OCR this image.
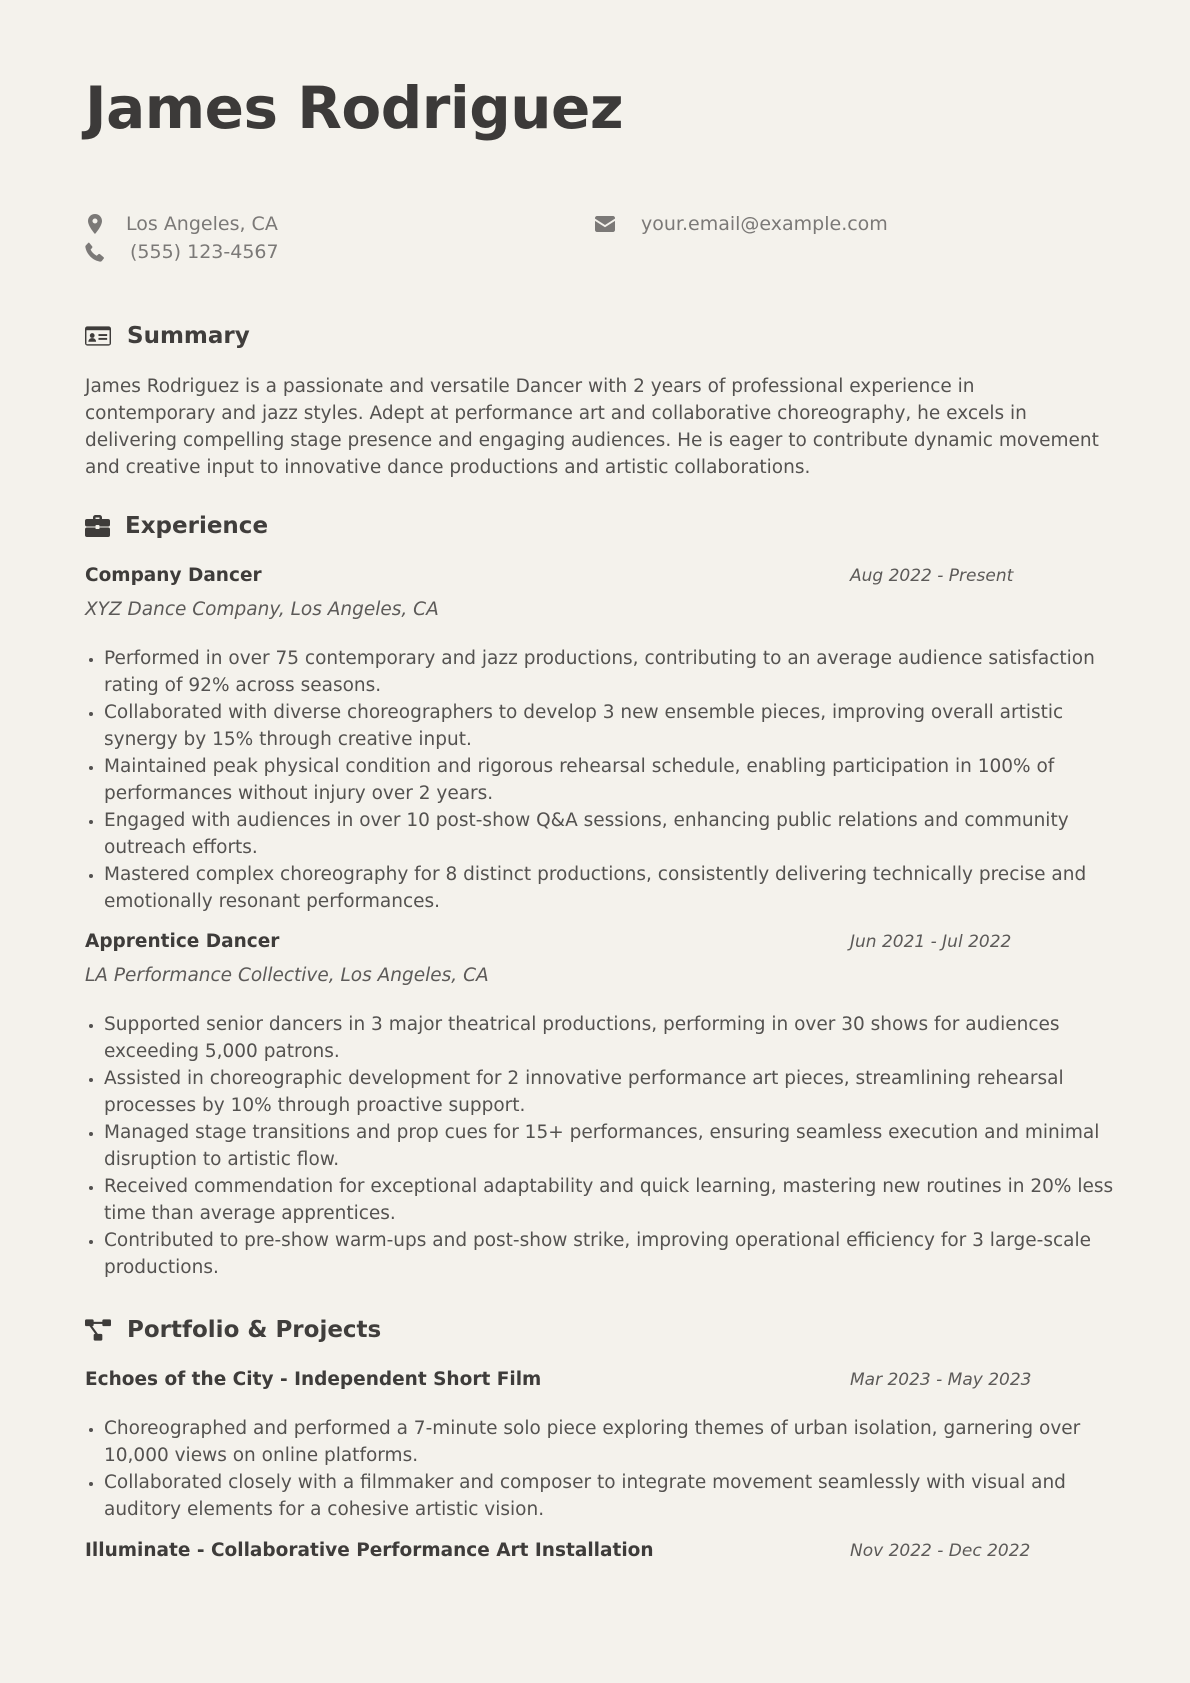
James Rodriguez
Los Angeles, CA
(555) 123-4567
your.email@example.com
Summary

James Rodriguez is a passionate and versatile Dancer with 2 years of professional experience in contemporary and jazz styles. Adept at performance art and collaborative choreography, he excels in delivering compelling stage presence and engaging audiences. He is eager to contribute dynamic movement and creative input to innovative dance productions and artistic collaborations.

Experience
Company Dancer	Aug 2022 - Present
XYZ Dance Company, Los Angeles, CA
• Performed in over 75 contemporary and jazz productions, contributing to an average audience satisfaction rating of 92% across seasons.
• Collaborated with diverse choreographers to develop 3 new ensemble pieces, improving overall artistic synergy by 15% through creative input.
• Maintained peak physical condition and rigorous rehearsal schedule, enabling participation in 100% of performances without injury over 2 years.
• Engaged with audiences in over 10 post-show Q&A sessions, enhancing public relations and community outreach efforts.
• Mastered complex choreography for 8 distinct productions, consistently delivering technically precise and emotionally resonant performances.
Apprentice Dancer	Jun 2021 - Jul 2022
LA Performance Collective, Los Angeles, CA
• Supported senior dancers in 3 major theatrical productions, performing in over 30 shows for audiences exceeding 5,000 patrons.
• Assisted in choreographic development for 2 innovative performance art pieces, streamlining rehearsal processes by 10% through proactive support.
• Managed stage transitions and prop cues for 15+ performances, ensuring seamless execution and minimal disruption to artistic flow.
• Received commendation for exceptional adaptability and quick learning, mastering new routines in 20% less time than average apprentices.
• Contributed to pre-show warm-ups and post-show strike, improving operational efficiency for 3 large-scale productions.
Portfolio & Projects
Echoes of the City - Independent Short Film	Mar 2023 - May 2023
• Choreographed and performed a 7-minute solo piece exploring themes of urban isolation, garnering over 10,000 views on online platforms.
• Collaborated closely with a filmmaker and composer to integrate movement seamlessly with visual and auditory elements for a cohesive artistic vision.
Illuminate - Collaborative Performance Art Installation	Nov 2022 - Dec 2022
